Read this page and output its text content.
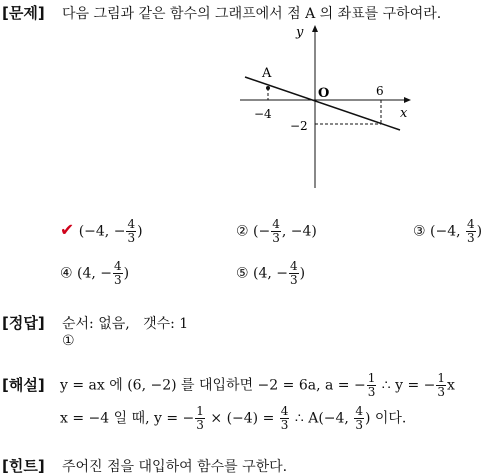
[문제] 다음 그림과 같은 함수의 그래프에서 점 A 의 좌표를 구하여라.
A
y
x
O	6
−4
−2
✔ (−4, − $\frac{4}{3}$ )	② (− $\frac{4}{3}$ , −4)	③ (−4, $\frac{4}{3}$ )
④ (4, − $\frac{4}{3}$ )	⑤ (4, − $\frac{4}{3}$ )
[정답] 순서: 없음,   갯수: 1
①
[해설] y = ax 에 (6, −2) 를 대입하면 −2 = 6a, a = − $\frac{1}{3}$ ∴ y = − $\frac{1}{3}$ x
x = −4 일 때, y = − $\frac{1}{3} \times (-4) = \frac{4}{3}$ ∴ A(−4, $\frac{4}{3}$ ) 이다.
[힌트] 주어진 점을 대입하여 함수를 구한다.
